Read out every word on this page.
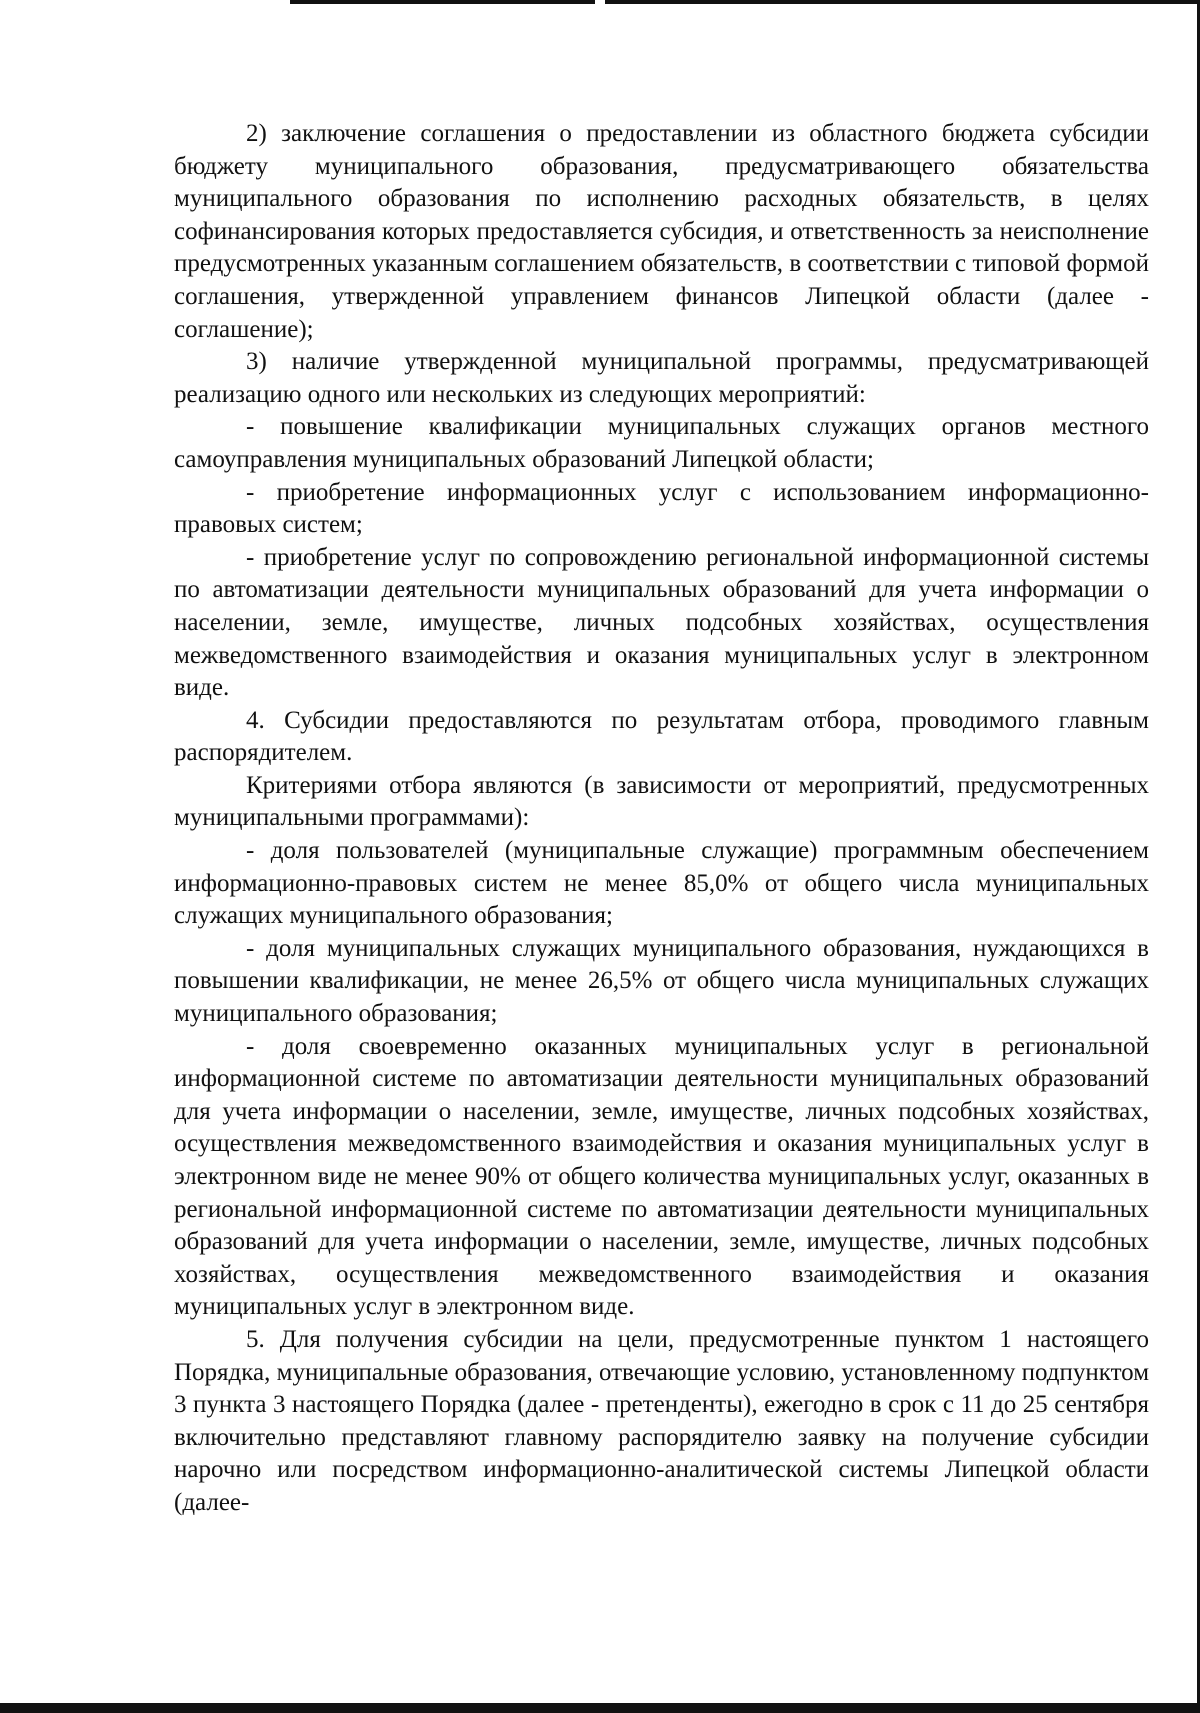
2) заключение соглашения о предоставлении из областного бюджета субсидии бюджету муниципального образования, предусматривающего обязательства муниципального образования по исполнению расходных обязательств, в целях софинансирования которых предоставляется субсидия, и ответственность за неисполнение предусмотренных указанным соглашением обязательств, в соответствии с типовой формой соглашения, утвержденной управлением финансов Липецкой области (далее - соглашение);

3) наличие утвержденной муниципальной программы, предусматривающей реализацию одного или нескольких из следующих мероприятий:

- повышение квалификации муниципальных служащих органов местного самоуправления муниципальных образований Липецкой области;

- приобретение информационных услуг с использованием информационно-правовых систем;

- приобретение услуг по сопровождению региональной информационной системы по автоматизации деятельности муниципальных образований для учета информации о населении, земле, имуществе, личных подсобных хозяйствах, осуществления межведомственного взаимодействия и оказания муниципальных услуг в электронном виде.

4. Субсидии предоставляются по результатам отбора, проводимого главным распорядителем.

Критериями отбора являются (в зависимости от мероприятий, предусмотренных муниципальными программами):

- доля пользователей (муниципальные служащие) программным обеспечением информационно-правовых систем не менее 85,0% от общего числа муниципальных служащих муниципального образования;

- доля муниципальных служащих муниципального образования, нуждающихся в повышении квалификации, не менее 26,5% от общего числа муниципальных служащих муниципального образования;

- доля своевременно оказанных муниципальных услуг в региональной информационной системе по автоматизации деятельности муниципальных образований для учета информации о населении, земле, имуществе, личных подсобных хозяйствах, осуществления межведомственного взаимодействия и оказания муниципальных услуг в электронном виде не менее 90% от общего количества муниципальных услуг, оказанных в региональной информационной системе по автоматизации деятельности муниципальных образований для учета информации о населении, земле, имуществе, личных подсобных хозяйствах, осуществления межведомственного взаимодействия и оказания муниципальных услуг в электронном виде.

5. Для получения субсидии на цели, предусмотренные пунктом 1 настоящего Порядка, муниципальные образования, отвечающие условию, установленному подпунктом 3 пункта 3 настоящего Порядка (далее - претенденты), ежегодно в срок с 11 до 25 сентября включительно представляют главному распорядителю заявку на получение субсидии нарочно или посредством информационно-аналитической системы Липецкой области (далее-
